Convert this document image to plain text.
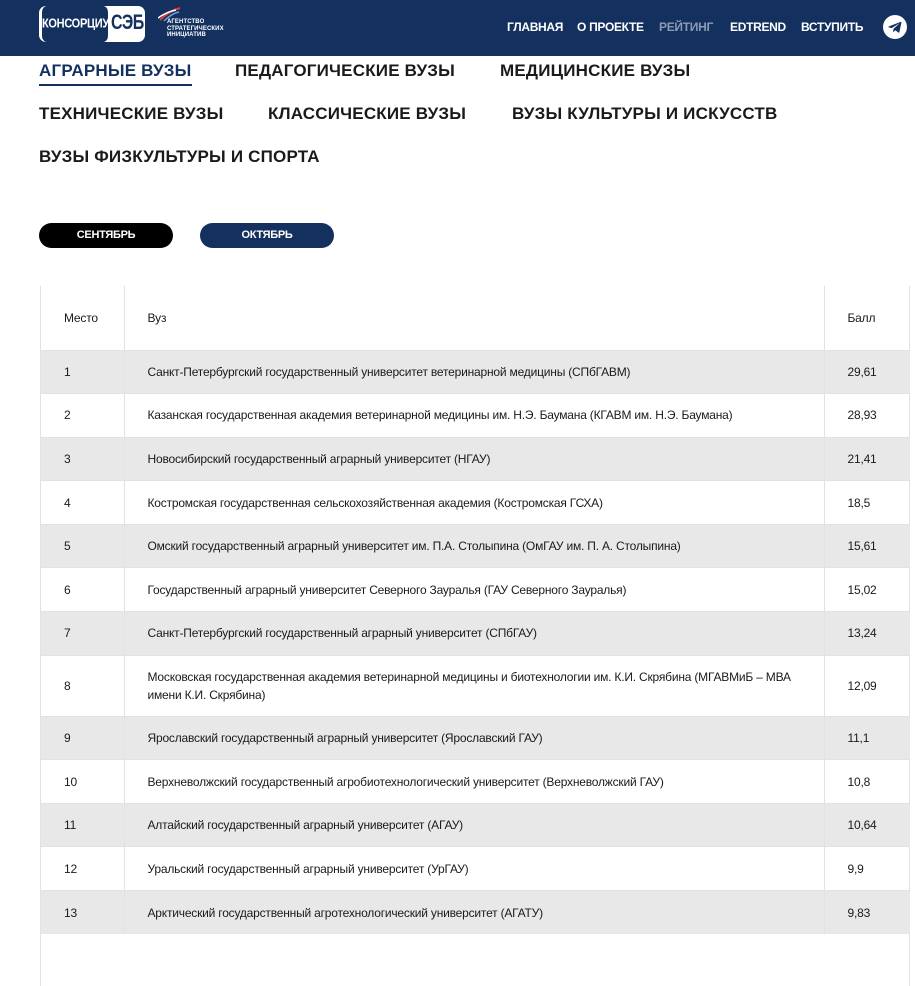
КОНСОРЦИУМ
СЭБ	АГЕНТСТВО СТРАТЕГИЧЕСКИХ ИНИЦИАТИВ
ГЛАВНАЯ О ПРОЕКТЕ РЕЙТИНГ EDTREND ВСТУПИТЬ
АГРАРНЫЕ ВУЗЫ	ПЕДАГОГИЧЕСКИЕ ВУЗЫ	МЕДИЦИНСКИЕ ВУЗЫ
ТЕХНИЧЕСКИЕ ВУЗЫ	КЛАССИЧЕСКИЕ ВУЗЫ	ВУЗЫ КУЛЬТУРЫ И ИСКУССТВ
ВУЗЫ ФИЗКУЛЬТУРЫ И СПОРТА
СЕНТЯБРЬ	ОКТЯБРЬ
Место	Вуз	Балл
1	Санкт-Петербургский государственный университет ветеринарной медицины (СПбГАВМ)	29,61
2	Казанская государственная академия ветеринарной медицины им. Н.Э. Баумана (КГАВМ им. Н.Э. Баумана)	28,93
3	Новосибирский государственный аграрный университет (НГАУ)	21,41
4	Костромская государственная сельскохозяйственная академия (Костромская ГСХА)	18,5
5	Омский государственный аграрный университет им. П.А. Столыпина (ОмГАУ им. П. А. Столыпина)	15,61
6	Государственный аграрный университет Северного Зауралья (ГАУ Северного Зауралья)	15,02
7	Санкт-Петербургский государственный аграрный университет (СПбГАУ)	13,24
8	Московская государственная академия ветеринарной медицины и биотехнологии им. К.И. Скрябина (МГАВМиБ – МВА имени К.И. Скрябина)	12,09
9	Ярославский государственный аграрный университет (Ярославский ГАУ)	11,1
10	Верхневолжский государственный агробиотехнологический университет (Верхневолжский ГАУ)	10,8
11	Алтайский государственный аграрный университет (АГАУ)	10,64
12	Уральский государственный аграрный университет (УрГАУ)	9,9
13	Арктический государственный агротехнологический университет (АГАТУ)	9,83
